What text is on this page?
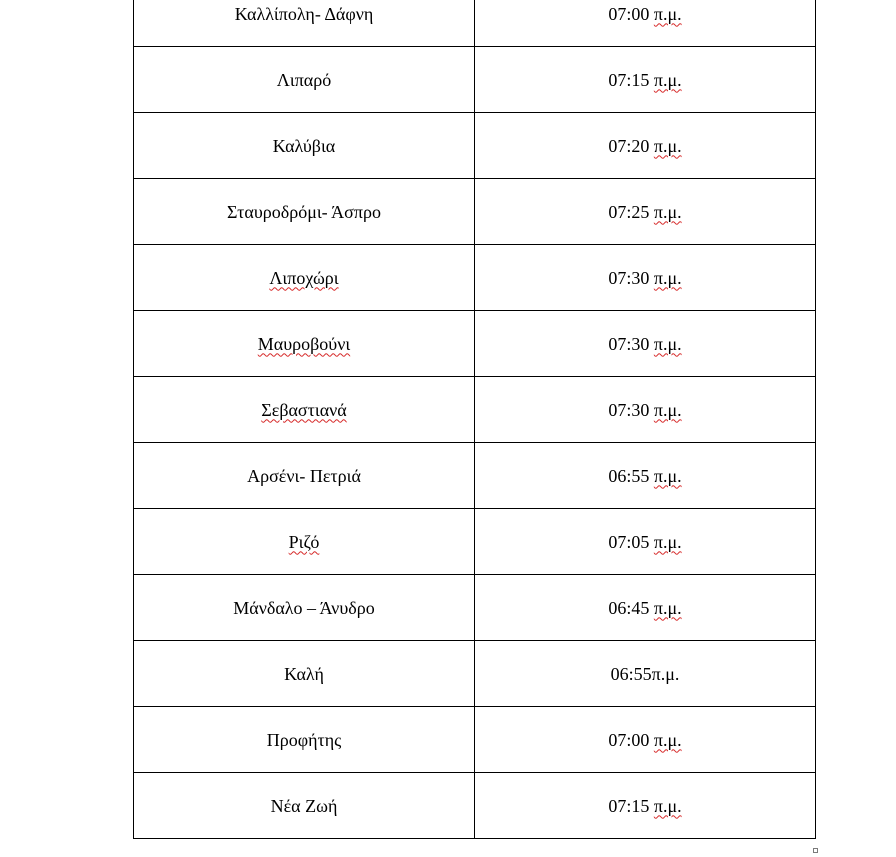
Καλλίπολη- Δάφνη	07:00 π.μ.
Λιπαρό	07:15 π.μ.
Καλύβια	07:20 π.μ.
Σταυροδρόμι- Άσπρο	07:25 π.μ.
Λιποχώρι	07:30 π.μ.
Μαυροβούνι	07:30 π.μ.
Σεβαστιανά	07:30 π.μ.
Αρσένι- Πετριά	06:55 π.μ.
Ριζό	07:05 π.μ.
Μάνδαλο – Άνυδρο	06:45 π.μ.
Καλή	06:55π.μ.
Προφήτης	07:00 π.μ.
Νέα Ζωή	07:15 π.μ.
